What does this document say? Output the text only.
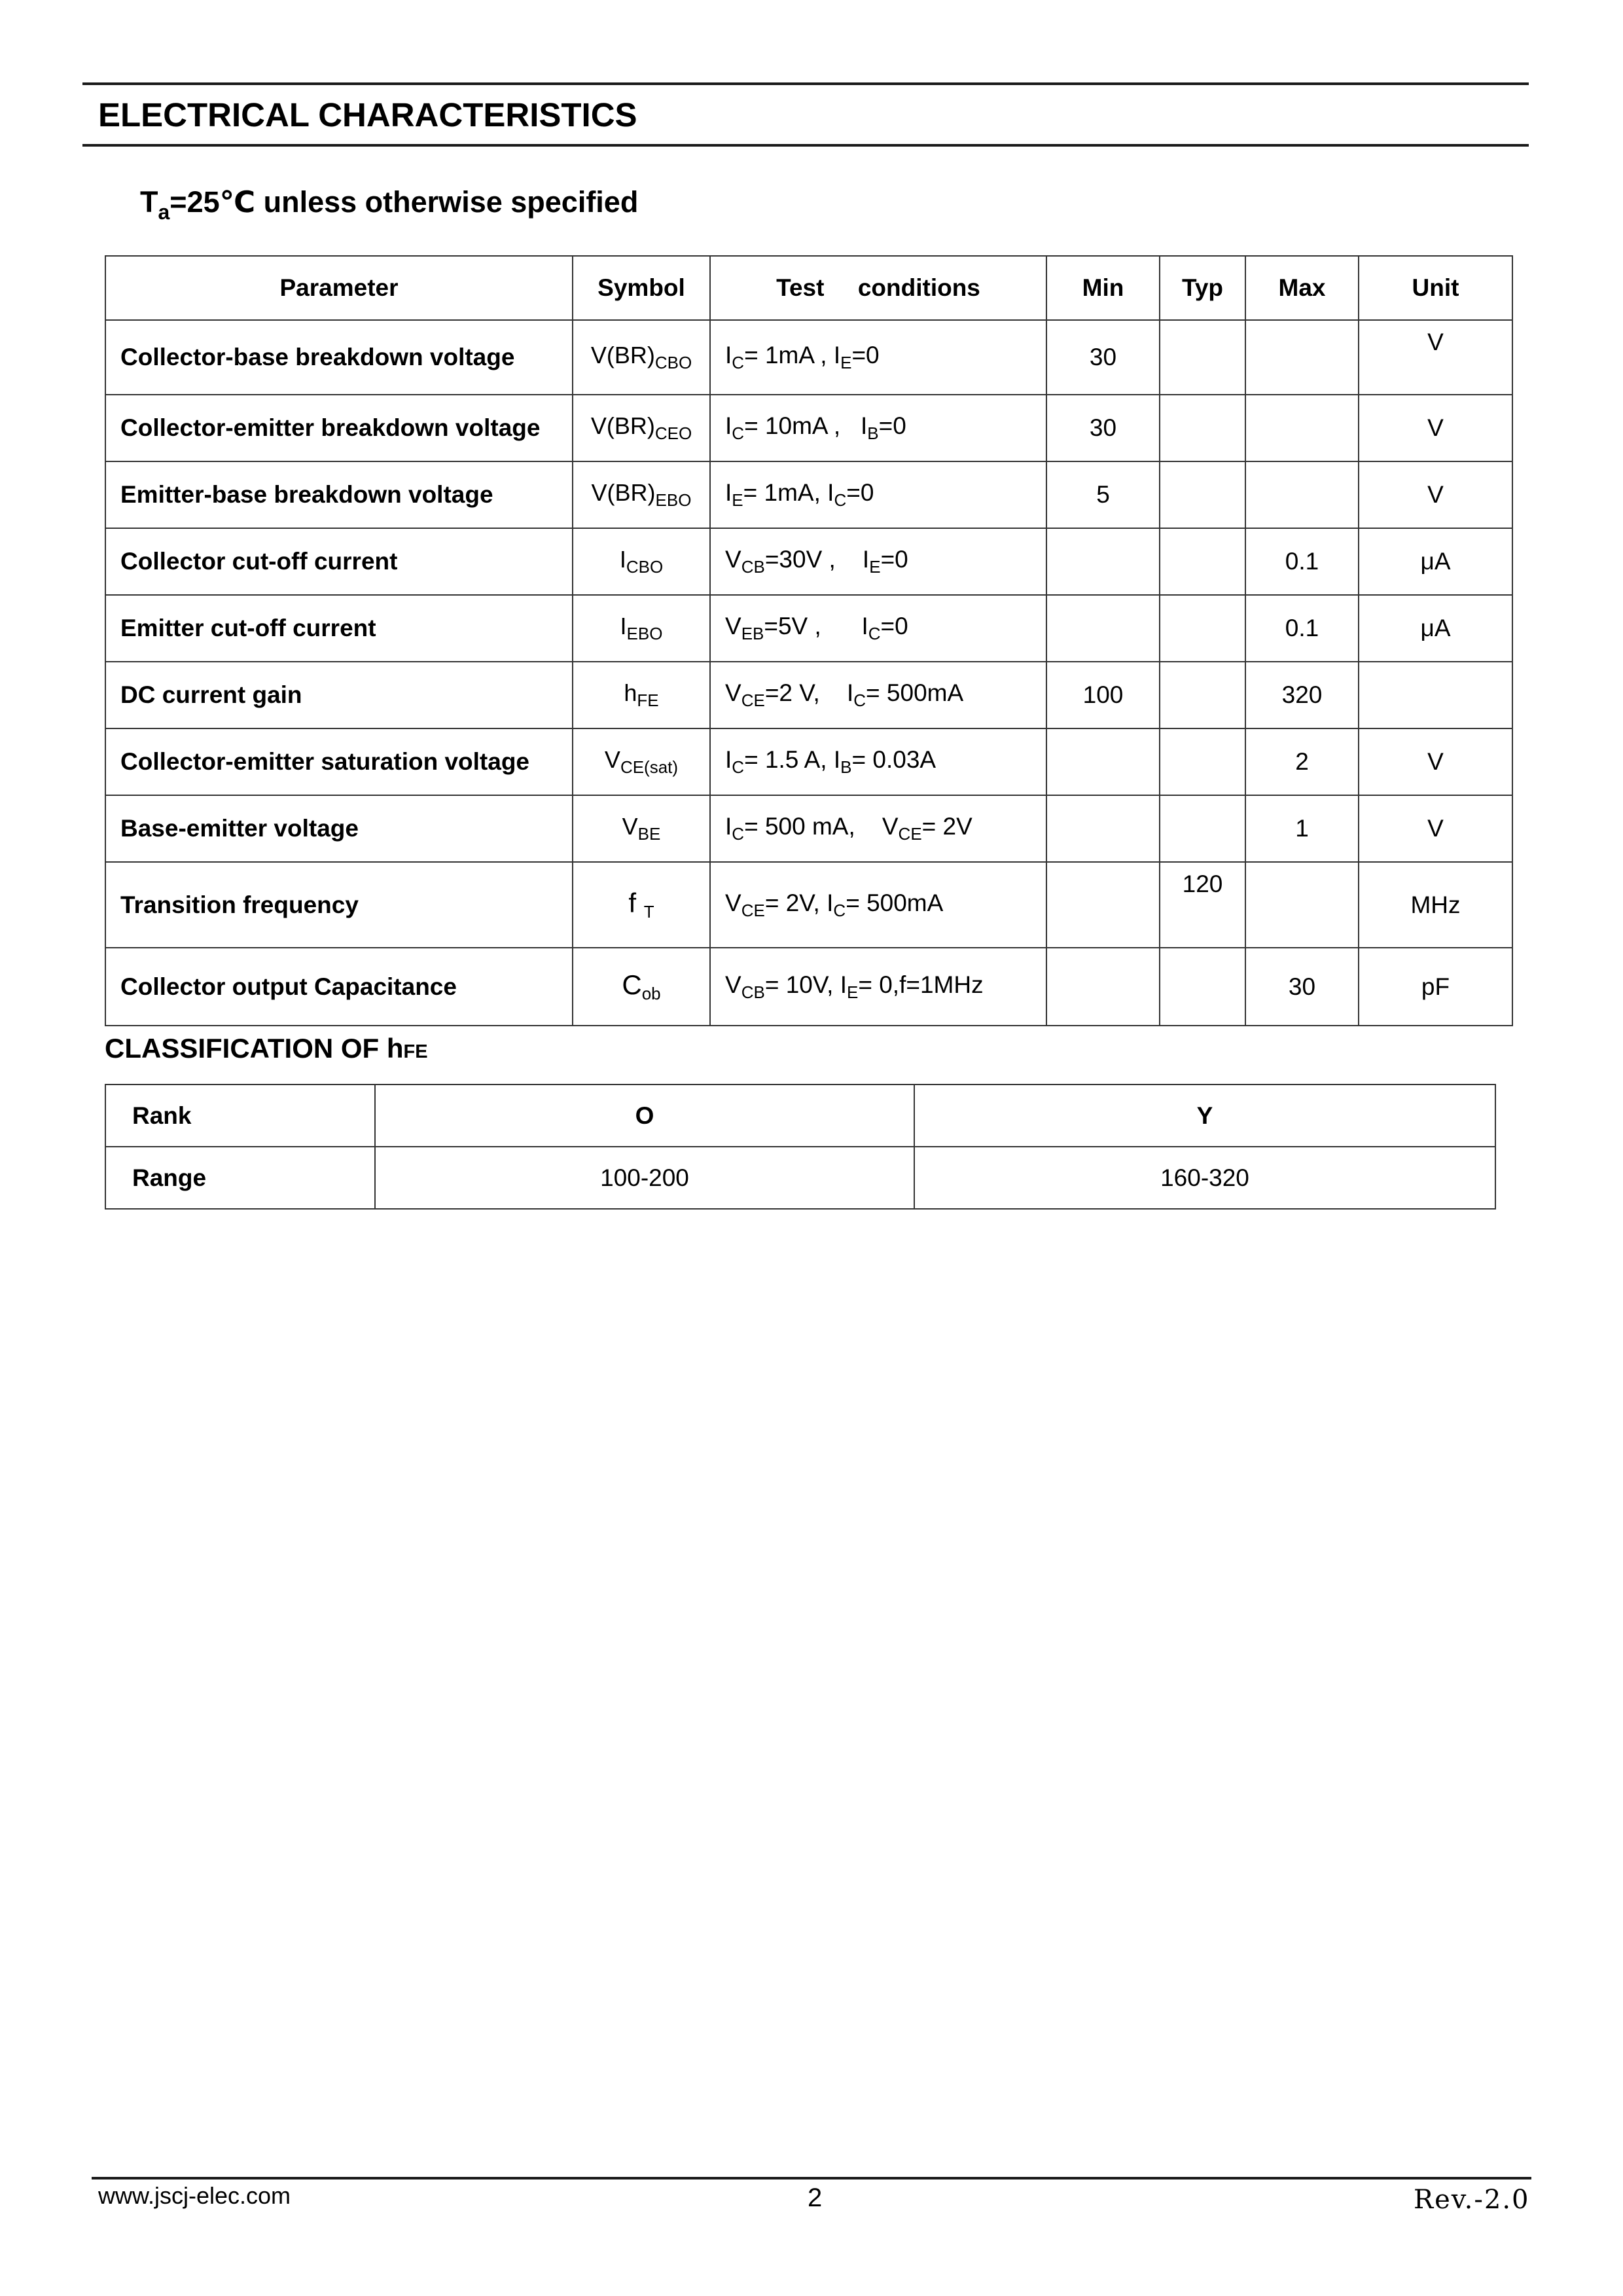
ELECTRICAL CHARACTERISTICS
$T_a=25℃$ unless otherwise specified
Parameter	Symbol	Test     conditions	Min	Typ	Max	Unit
Collector-base breakdown voltage	$V(BR)_{CBO}$	$I_C= 1mA$ , $I_E=0$	30			V
Collector-emitter breakdown voltage	$V(BR)_{CEO}$	$I_C= 10mA$ ,   $I_B=0$	30			V
Emitter-base breakdown voltage	$V(BR)_{EBO}$	$I_E= 1mA$, $I_C=0$	5			V
Collector cut-off current	$I_{CBO}$	$V_{CB}=30V$ ,    $I_E=0$			0.1	μA
Emitter cut-off current	$I_{EBO}$	$V_{EB}=5V$ ,      $I_C=0$			0.1	μA
DC current gain	$h_{FE}$	$V_{CE}=2$ V,    $I_C= 500mA$	100		320	
Collector-emitter saturation voltage	$V_{CE(sat)}$	$I_C= 1.5$ A, $I_B= 0.03A$			2	V
Base-emitter voltage	$V_{BE}$	$I_C= 500$ mA,    $V_{CE}= 2V$			1	V
Transition frequency	f $_T$	$V_{CE}= 2V$, $I_C= 500mA$		120		MHz
Collector output Capacitance	$C_{ob}$	$V_{CB}= 10V$, $I_E= 0,f=1MHz$			30	pF
CLASSIFICATION OF hFE
Rank	O	Y
Range	100-200	160-320
www.jscj-elec.com	2	Rev.-2.0
